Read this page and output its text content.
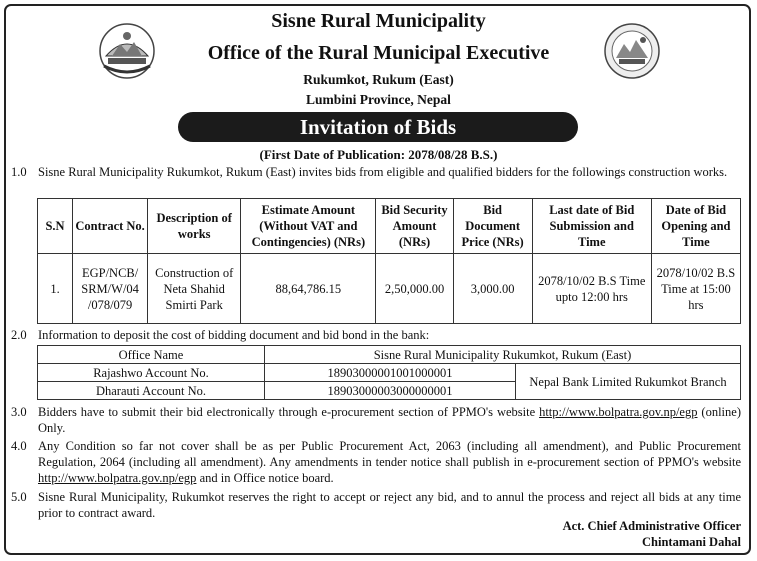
Sisne Rural Municipality
Office of the Rural Municipal Executive
Rukumkot, Rukum (East)
Lumbini Province, Nepal
Invitation of Bids
(First Date of Publication: 2078/08/28 B.S.)
1.0 Sisne Rural Municipality Rukumkot, Rukum (East) invites bids from eligible and qualified bidders for the followings construction works.
S.N	Contract No.	Description of works	Estimate Amount (Without VAT and Contingencies) (NRs)	Bid Security Amount (NRs)	Bid Document Price (NRs)	Last date of Bid Submission and Time	Date of Bid Opening and Time
1.	EGP/NCB/ SRM/W/04 /078/079	Construction of Neta Shahid Smirti Park	88,64,786.15	2,50,000.00	3,000.00	2078/10/02 B.S Time upto 12:00 hrs	2078/10/02 B.S Time at 15:00 hrs
2.0 Information to deposit the cost of bidding document and bid bond in the bank:
Office Name	Sisne Rural Municipality Rukumkot, Rukum (East)	
Rajashwo Account No.	18903000001001000001	Nepal Bank Limited Rukumkot Branch
Dharauti Account No.	18903000003000000001	
3.0 Bidders have to submit their bid electronically through e-procurement section of PPMO's website http://www.bolpatra.gov.np/egp (online) Only.
4.0 Any Condition so far not cover shall be as per Public Procurement Act, 2063 (including all amendment), and Public Procurement Regulation, 2064 (including all amendment). Any amendments in tender notice shall publish in e-procurement section of PPMO's website http://www.bolpatra.gov.np/egp and in Office notice board.
5.0 Sisne Rural Municipality, Rukumkot reserves the right to accept or reject any bid, and to annul the process and reject all bids at any time prior to contract award.
Act. Chief Administrative Officer
Chintamani Dahal
